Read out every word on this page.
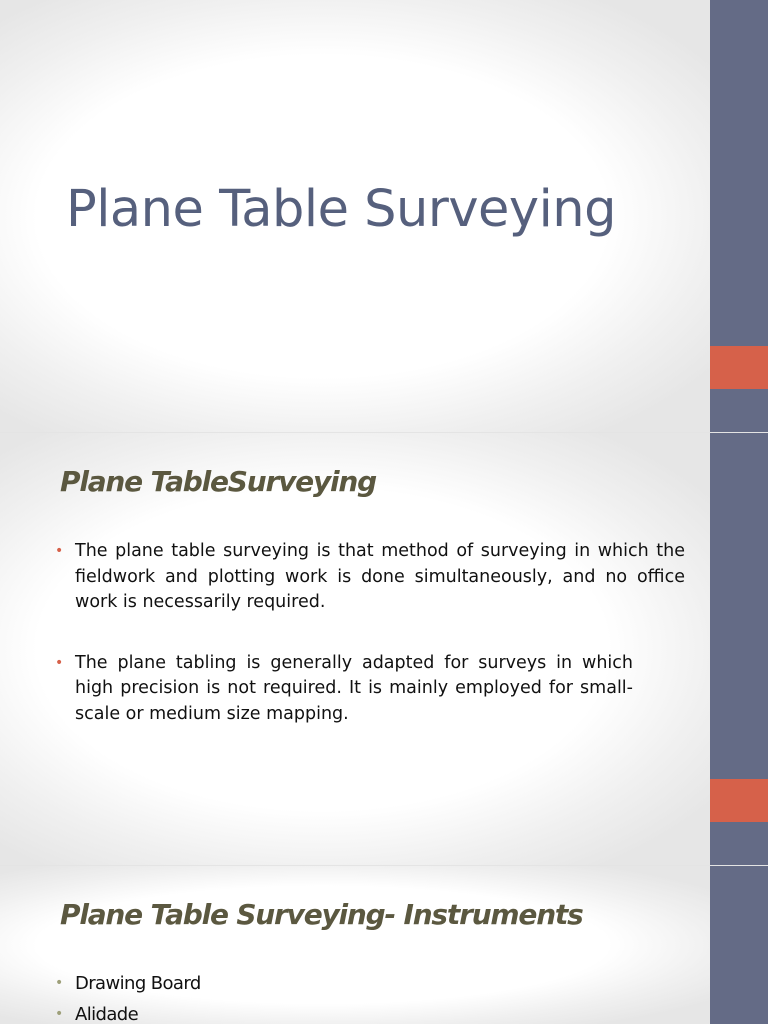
Plane Table Surveying
Plane TableSurveying
• The plane table surveying is that method of surveying in which the fieldwork and plotting work is done simultaneously, and no office work is necessarily required.
• The plane tabling is generally adapted for surveys in which high precision is not required. It is mainly employed for small-scale or medium size mapping.
Plane Table Surveying- Instruments
• Drawing Board
• Alidade
